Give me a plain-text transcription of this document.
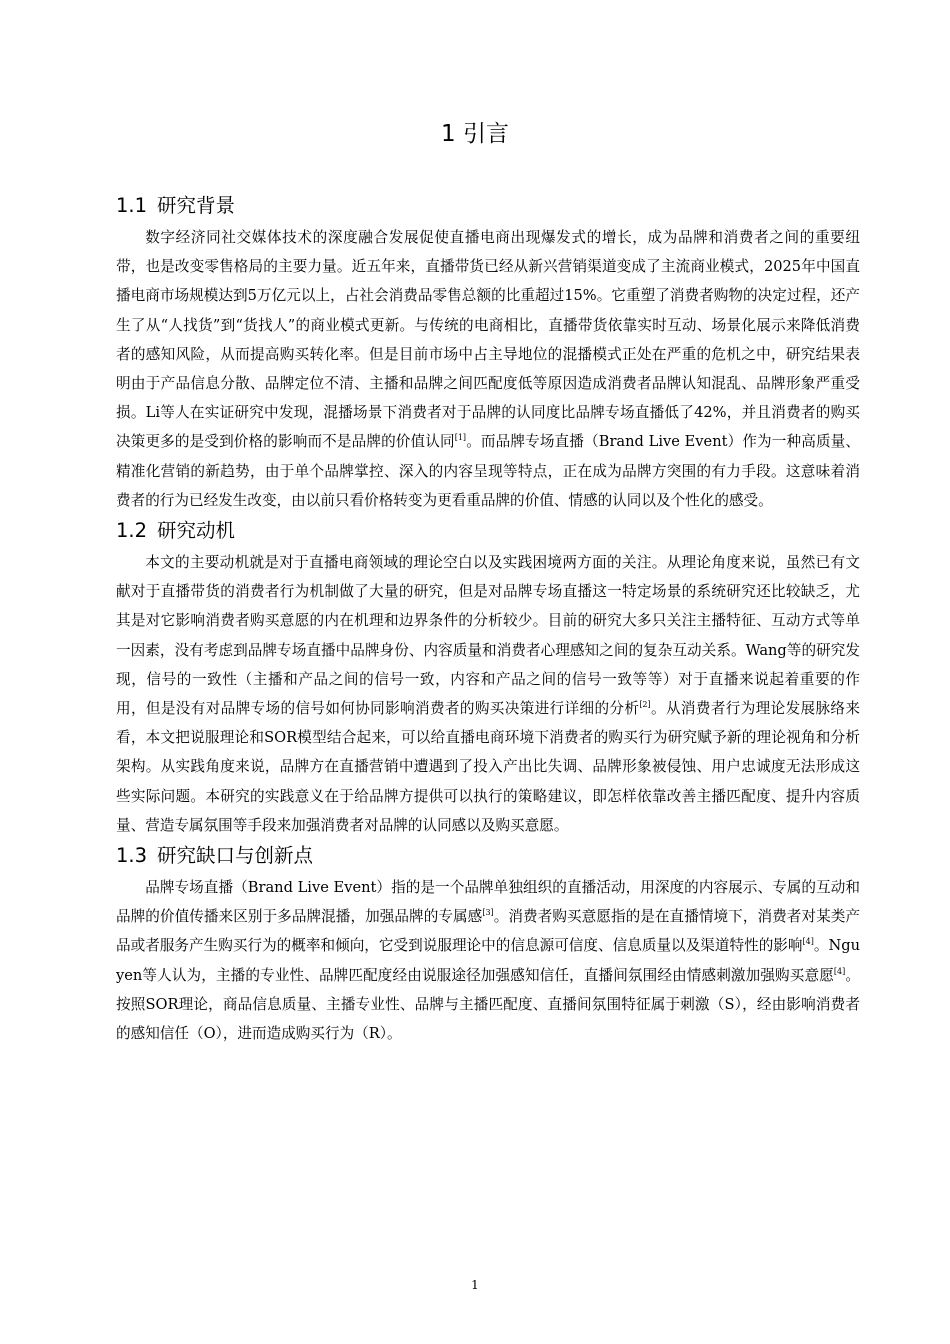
1 引言
1.1 研究背景

数字经济同社交媒体技术的深度融合发展促使直播电商出现爆发式的增长，成为品牌和消费者之间的重要纽带，也是改变零售格局的主要力量。近五年来，直播带货已经从新兴营销渠道变成了主流商业模式，2025年中国直播电商市场规模达到5万亿元以上，占社会消费品零售总额的比重超过15%。它重塑了消费者购物的决定过程，还产生了从“人找货”到“货找人”的商业模式更新。与传统的电商相比，直播带货依靠实时互动、场景化展示来降低消费者的感知风险，从而提高购买转化率。但是目前市场中占主导地位的混播模式正处在严重的危机之中，研究结果表明由于产品信息分散、品牌定位不清、主播和品牌之间匹配度低等原因造成消费者品牌认知混乱、品牌形象严重受损。Li等人在实证研究中发现，混播场景下消费者对于品牌的认同度比品牌专场直播低了42%，并且消费者的购买决策更多的是受到价格的影响而不是品牌的价值认同[1]。而品牌专场直播（Brand Live Event）作为一种高质量、精准化营销的新趋势，由于单个品牌掌控、深入的内容呈现等特点，正在成为品牌方突围的有力手段。这意味着消费者的行为已经发生改变，由以前只看价格转变为更看重品牌的价值、情感的认同以及个性化的感受。

1.2 研究动机

本文的主要动机就是对于直播电商领域的理论空白以及实践困境两方面的关注。从理论角度来说，虽然已有文献对于直播带货的消费者行为机制做了大量的研究，但是对品牌专场直播这一特定场景的系统研究还比较缺乏，尤其是对它影响消费者购买意愿的内在机理和边界条件的分析较少。目前的研究大多只关注主播特征、互动方式等单一因素，没有考虑到品牌专场直播中品牌身份、内容质量和消费者心理感知之间的复杂互动关系。Wang等的研究发现，信号的一致性（主播和产品之间的信号一致，内容和产品之间的信号一致等等）对于直播来说起着重要的作用，但是没有对品牌专场的信号如何协同影响消费者的购买决策进行详细的分析[2]。从消费者行为理论发展脉络来看，本文把说服理论和SOR模型结合起来，可以给直播电商环境下消费者的购买行为研究赋予新的理论视角和分析架构。从实践角度来说，品牌方在直播营销中遭遇到了投入产出比失调、品牌形象被侵蚀、用户忠诚度无法形成这些实际问题。本研究的实践意义在于给品牌方提供可以执行的策略建议，即怎样依靠改善主播匹配度、提升内容质量、营造专属氛围等手段来加强消费者对品牌的认同感以及购买意愿。

1.3 研究缺口与创新点

品牌专场直播（Brand Live Event）指的是一个品牌单独组织的直播活动，用深度的内容展示、专属的互动和品牌的价值传播来区别于多品牌混播，加强品牌的专属感[3]。消费者购买意愿指的是在直播情境下，消费者对某类产品或者服务产生购买行为的概率和倾向，它受到说服理论中的信息源可信度、信息质量以及渠道特性的影响[4]。Nguyen等人认为，主播的专业性、品牌匹配度经由说服途径加强感知信任，直播间氛围经由情感刺激加强购买意愿[4]。按照SOR理论，商品信息质量、主播专业性、品牌与主播匹配度、直播间氛围特征属于刺激（S），经由影响消费者的感知信任（O），进而造成购买行为（R）。

1
